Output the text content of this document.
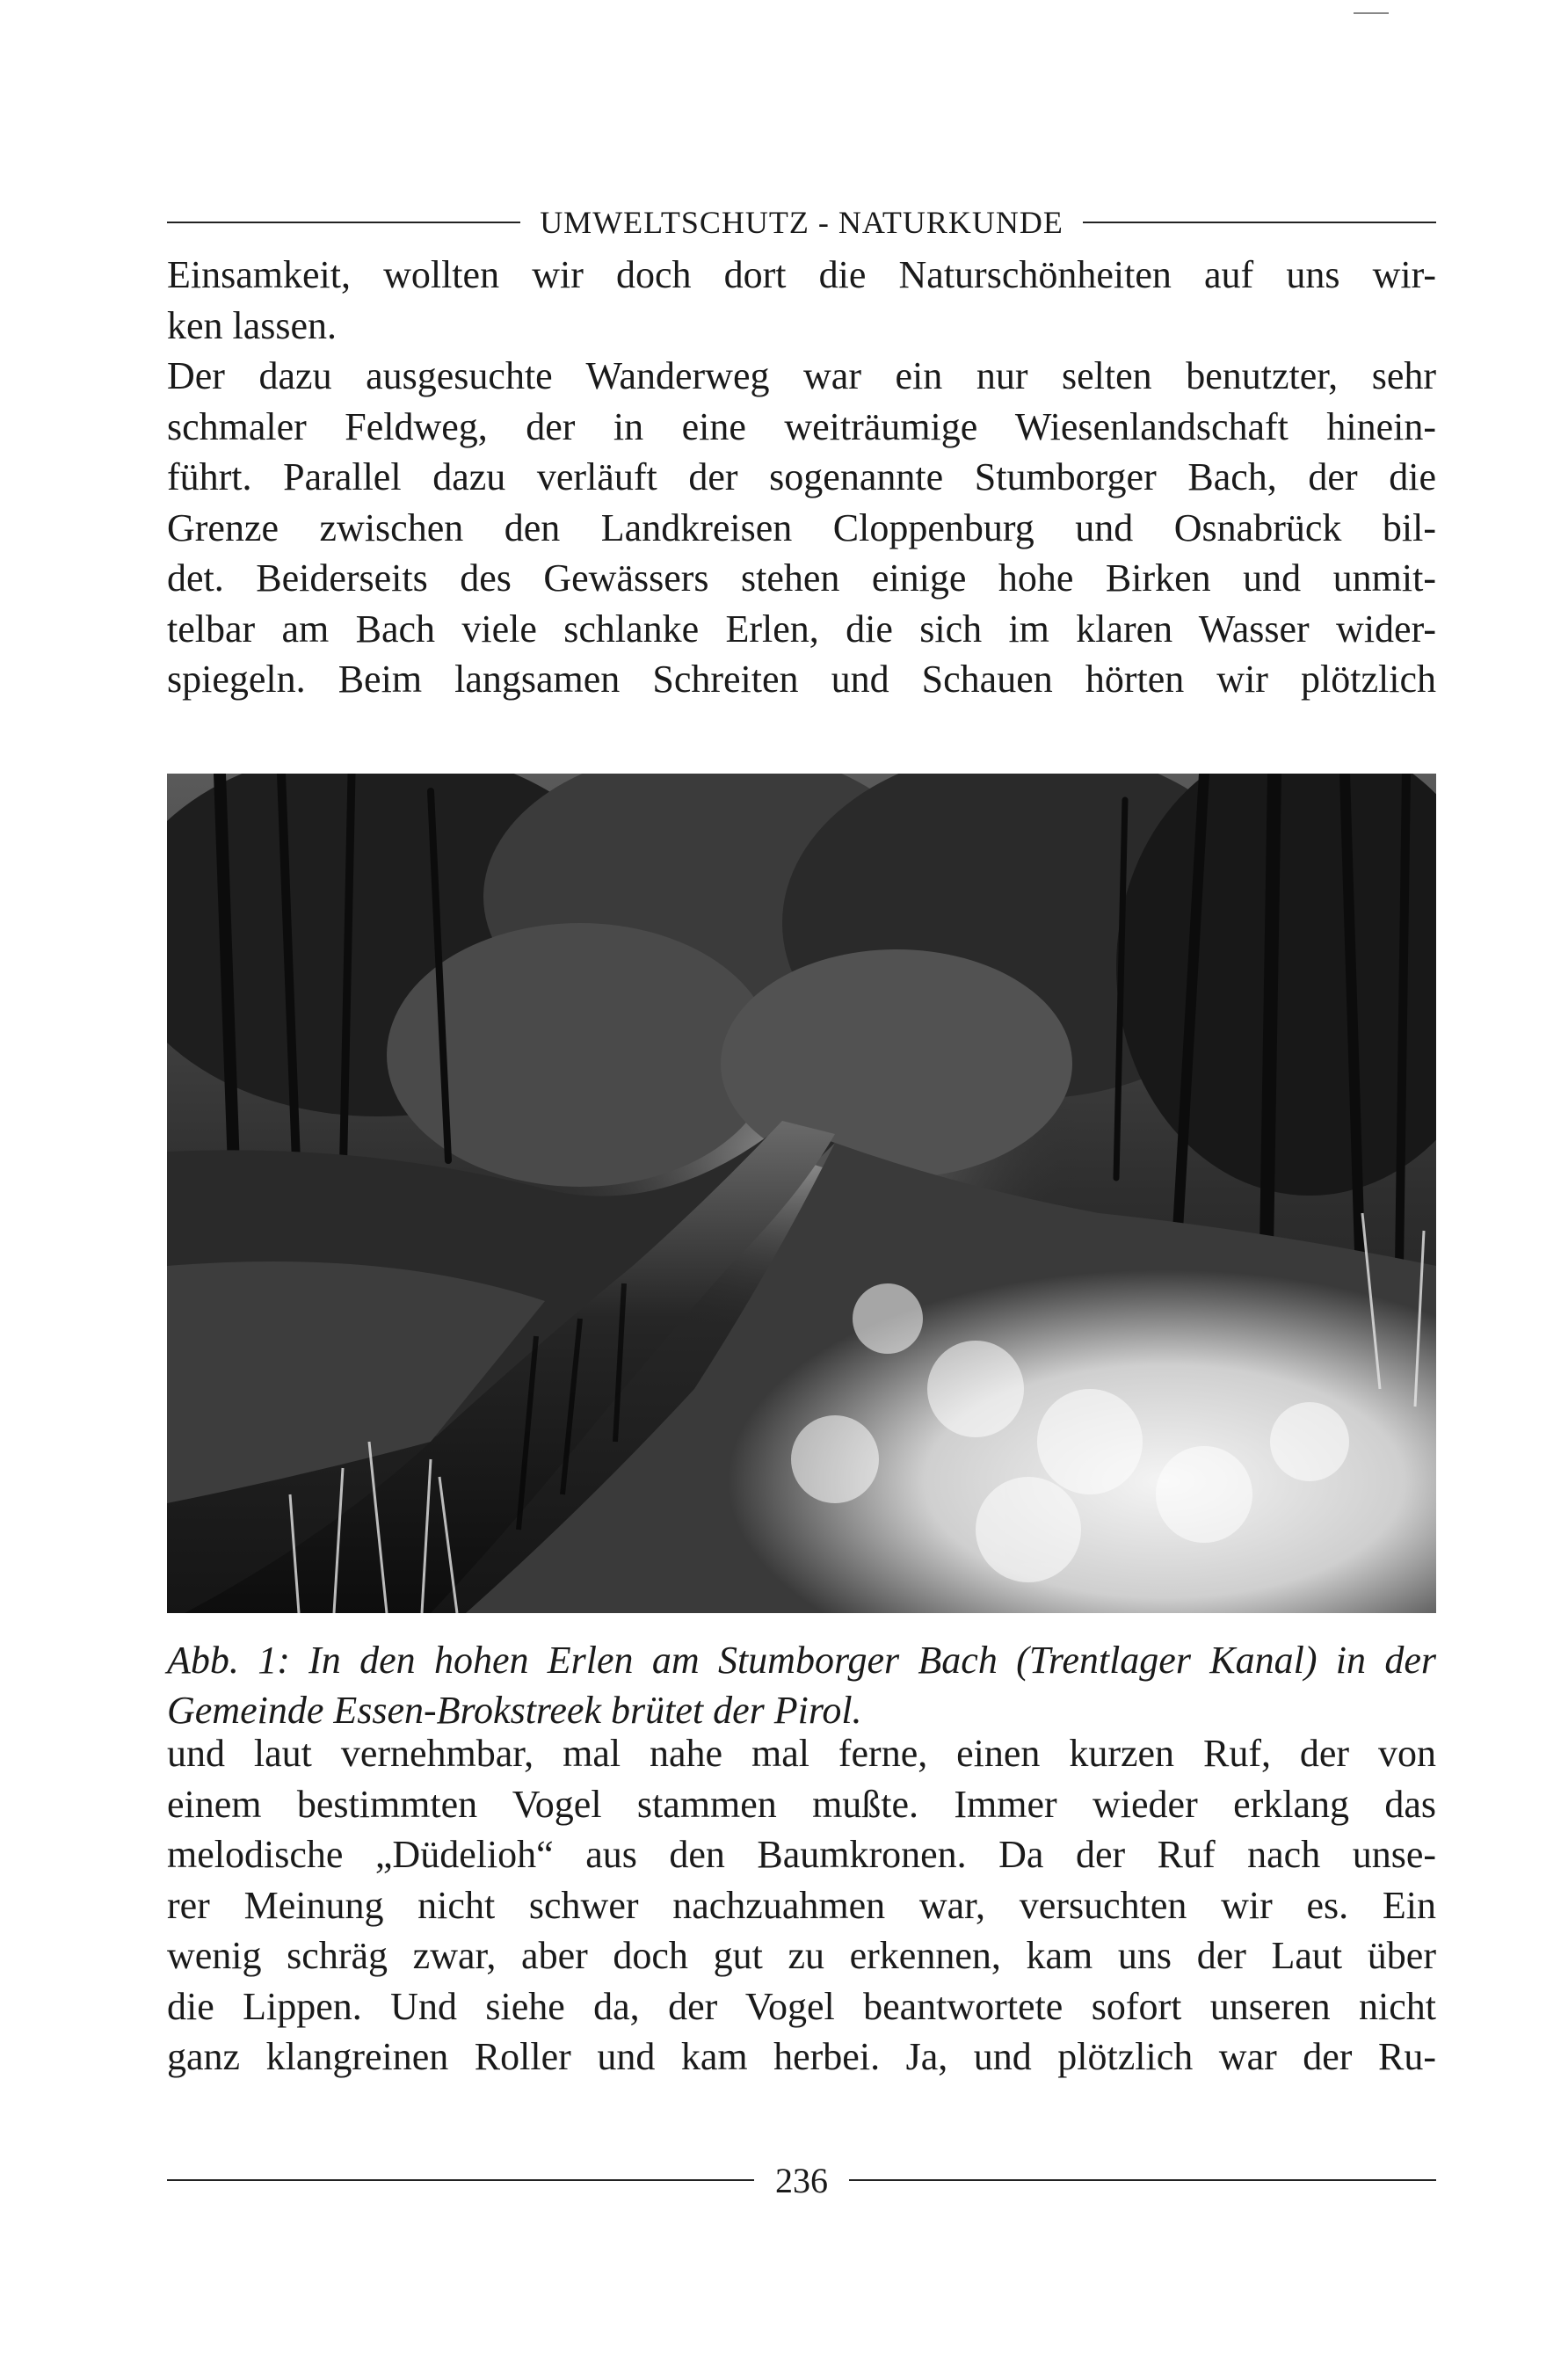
UMWELTSCHUTZ - NATURKUNDE
Einsamkeit, wollten wir doch dort die Naturschönheiten auf uns wir-
ken lassen.
Der dazu ausgesuchte Wanderweg war ein nur selten benutzter, sehr
schmaler Feldweg, der in eine weiträumige Wiesenlandschaft hinein-
führt. Parallel dazu verläuft der sogenannte Stumborger Bach, der die
Grenze zwischen den Landkreisen Cloppenburg und Osnabrück bil-
det. Beiderseits des Gewässers stehen einige hohe Birken und unmit-
telbar am Bach viele schlanke Erlen, die sich im klaren Wasser wider-
spiegeln. Beim langsamen Schreiten und Schauen hörten wir plötzlich
Abb. 1: In den hohen Erlen am Stumborger Bach (Trentlager Kanal) in der
Gemeinde Essen-Brokstreek brütet der Pirol.
und laut vernehmbar, mal nahe mal ferne, einen kurzen Ruf, der von
einem bestimmten Vogel stammen mußte. Immer wieder erklang das
melodische „Düdelioh“ aus den Baumkronen. Da der Ruf nach unse-
rer Meinung nicht schwer nachzuahmen war, versuchten wir es. Ein
wenig schräg zwar, aber doch gut zu erkennen, kam uns der Laut über
die Lippen. Und siehe da, der Vogel beantwortete sofort unseren nicht
ganz klangreinen Roller und kam herbei. Ja, und plötzlich war der Ru-
236
